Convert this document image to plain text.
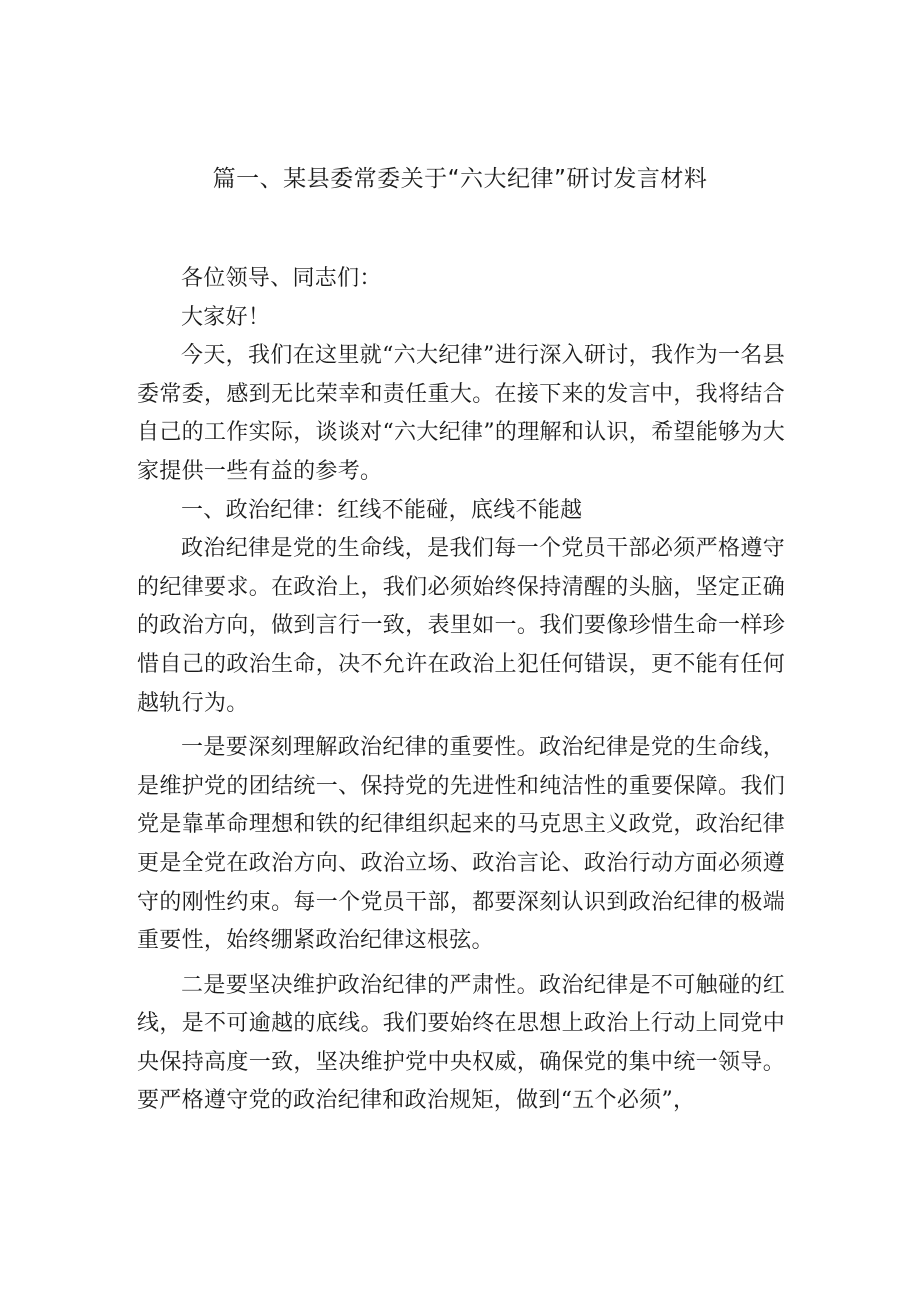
篇一、某县委常委关于“六大纪律”研讨发言材料

各位领导、同志们：

大家好！

今天，我们在这里就“六大纪律”进行深入研讨，我作为一名县委常委，感到无比荣幸和责任重大。在接下来的发言中，我将结合自己的工作实际，谈谈对“六大纪律”的理解和认识，希望能够为大家提供一些有益的参考。

一、政治纪律：红线不能碰，底线不能越

政治纪律是党的生命线，是我们每一个党员干部必须严格遵守的纪律要求。在政治上，我们必须始终保持清醒的头脑，坚定正确的政治方向，做到言行一致，表里如一。我们要像珍惜生命一样珍惜自己的政治生命，决不允许在政治上犯任何错误，更不能有任何越轨行为。

一是要深刻理解政治纪律的重要性。政治纪律是党的生命线，是维护党的团结统一、保持党的先进性和纯洁性的重要保障。我们党是靠革命理想和铁的纪律组织起来的马克思主义政党，政治纪律更是全党在政治方向、政治立场、政治言论、政治行动方面必须遵守的刚性约束。每一个党员干部，都要深刻认识到政治纪律的极端重要性，始终绷紧政治纪律这根弦。

二是要坚决维护政治纪律的严肃性。政治纪律是不可触碰的红线，是不可逾越的底线。我们要始终在思想上政治上行动上同党中央保持高度一致，坚决维护党中央权威，确保党的集中统一领导。要严格遵守党的政治纪律和政治规矩，做到“五个必须”，
